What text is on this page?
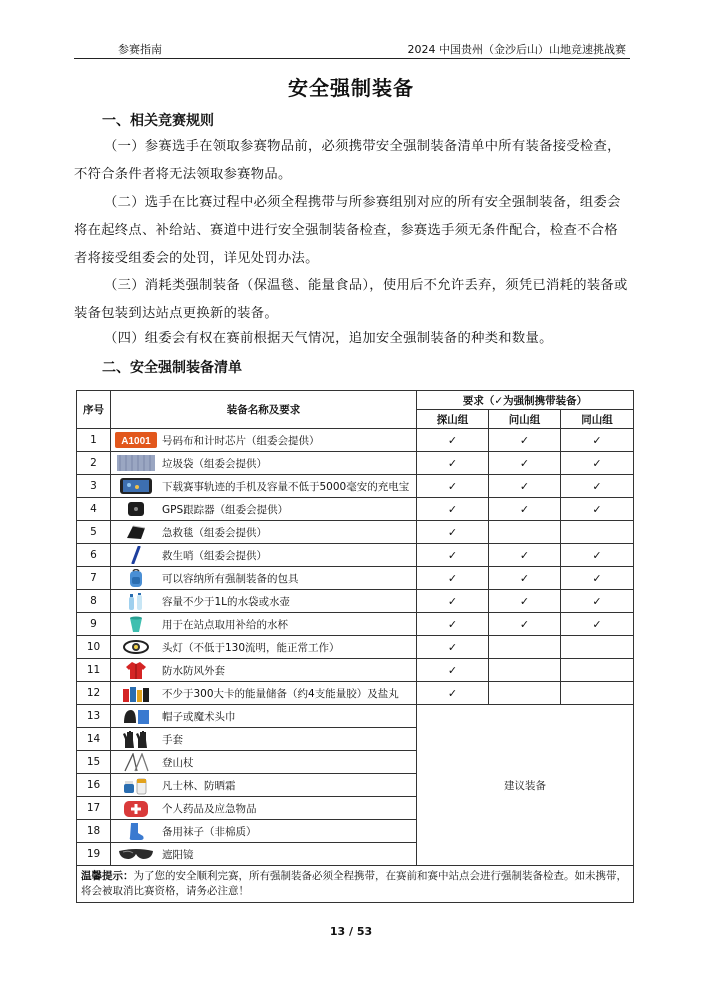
参赛指南	2024 中国贵州（金沙后山）山地竞速挑战赛
安全强制装备
一、相关竞赛规则

（一）参赛选手在领取参赛物品前，必须携带安全强制装备清单中所有装备接受检查，不符合条件者将无法领取参赛物品。

（二）选手在比赛过程中必须全程携带与所参赛组别对应的所有安全强制装备，组委会将在起终点、补给站、赛道中进行安全强制装备检查，参赛选手须无条件配合，检查不合格者将接受组委会的处罚，详见处罚办法。

（三）消耗类强制装备（保温毯、能量食品），使用后不允许丢弃，须凭已消耗的装备或装备包装到达站点更换新的装备。

（四）组委会有权在赛前根据天气情况，追加安全强制装备的种类和数量。

二、安全强制装备清单
序号	装备名称及要求	要求（✓为强制携带装备）		
		探山组	问山组	同山组
1	A1001 号码布和计时芯片（组委会提供）	✓	✓	✓
2	垃圾袋（组委会提供）	✓	✓	✓
3	下载赛事轨迹的手机及容量不低于5000毫安的充电宝	✓	✓	✓
4	GPS跟踪器（组委会提供）	✓	✓	✓
5	急救毯（组委会提供）	✓		
6	救生哨（组委会提供）	✓	✓	✓
7	可以容纳所有强制装备的包具	✓	✓	✓
8	容量不少于1L的水袋或水壶	✓	✓	✓
9	用于在站点取用补给的水杯	✓	✓	✓
10	头灯（不低于130流明，能正常工作）	✓		
11	防水防风外套	✓		
12	不少于300大卡的能量储备（约4支能量胶）及盐丸	✓		
13	帽子或魔术头巾	建议装备		
14	手套			

15	登山杖			

16	凡士林、防晒霜			

17	个人药品及应急物品			

18	备用袜子（非棉质）			

19	遮阳镜			

温馨提示：为了您的安全顺利完赛，所有强制装备必须全程携带，在赛前和赛中站点会进行强制装备检查。如未携带，将会被取消比赛资格，请务必注意！				
13 / 53
